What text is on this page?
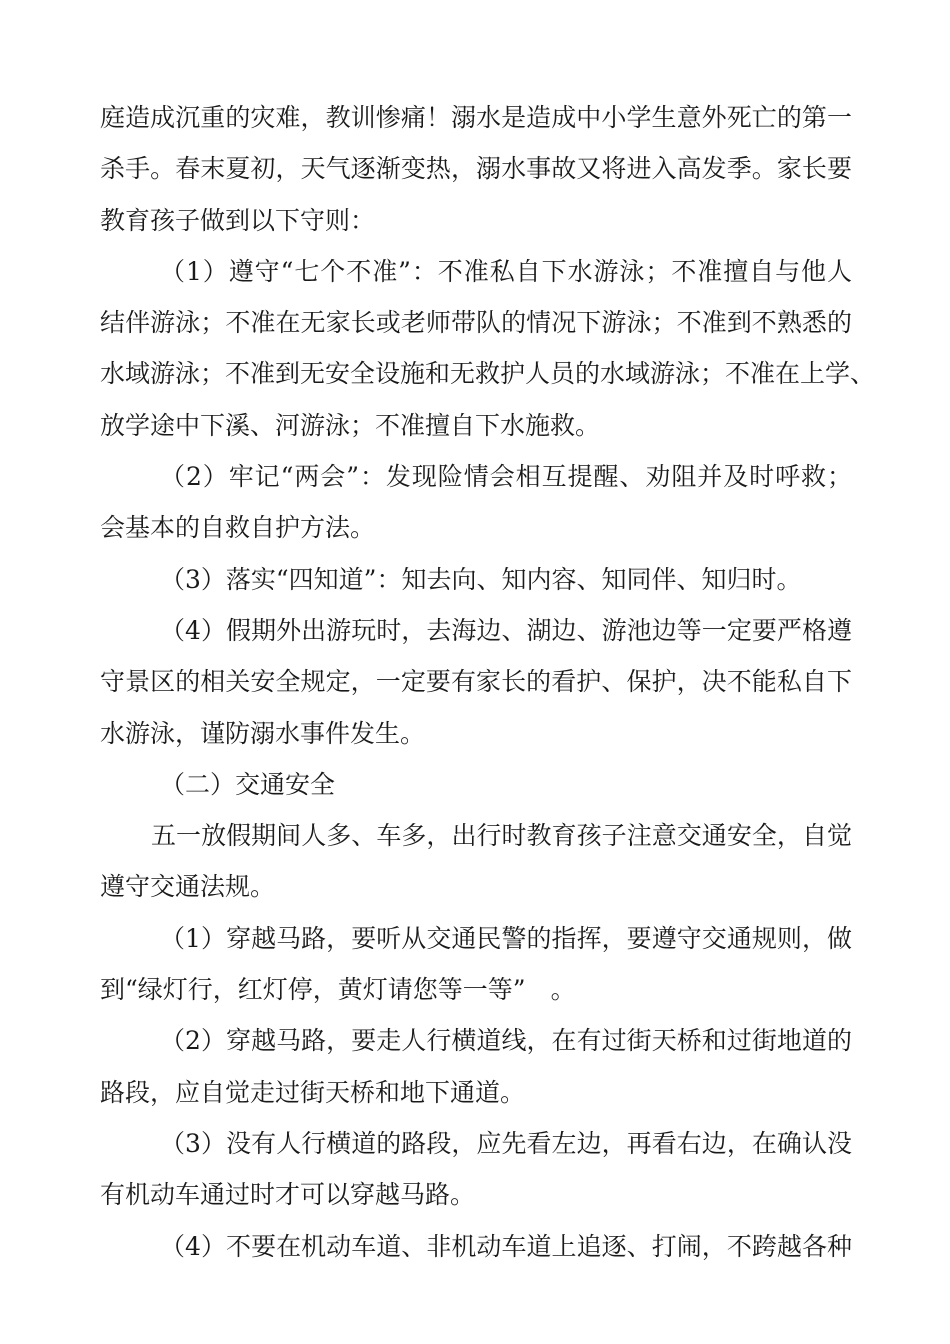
庭造成沉重的灾难，教训惨痛！溺水是造成中小学生意外死亡的第一
杀手。春末夏初，天气逐渐变热，溺水事故又将进入高发季。家长要
教育孩子做到以下守则：
（1）遵守“七个不准”：不准私自下水游泳；不准擅自与他人
结伴游泳；不准在无家长或老师带队的情况下游泳；不准到不熟悉的
水域游泳；不准到无安全设施和无救护人员的水域游泳；不准在上学、
放学途中下溪、河游泳；不准擅自下水施救。
（2）牢记“两会”：发现险情会相互提醒、劝阻并及时呼救；
会基本的自救自护方法。
（3）落实“四知道”：知去向、知内容、知同伴、知归时。
（4）假期外出游玩时，去海边、湖边、游池边等一定要严格遵
守景区的相关安全规定，一定要有家长的看护、保护，决不能私自下
水游泳，谨防溺水事件发生。
（二）交通安全
五一放假期间人多、车多，出行时教育孩子注意交通安全，自觉
遵守交通法规。
（1）穿越马路，要听从交通民警的指挥，要遵守交通规则，做
到“绿灯行，红灯停，黄灯请您等一等”　。
（2）穿越马路，要走人行横道线，在有过街天桥和过街地道的
路段，应自觉走过街天桥和地下通道。
（3）没有人行横道的路段，应先看左边，再看右边，在确认没
有机动车通过时才可以穿越马路。
（4）不要在机动车道、非机动车道上追逐、打闹，不跨越各种
